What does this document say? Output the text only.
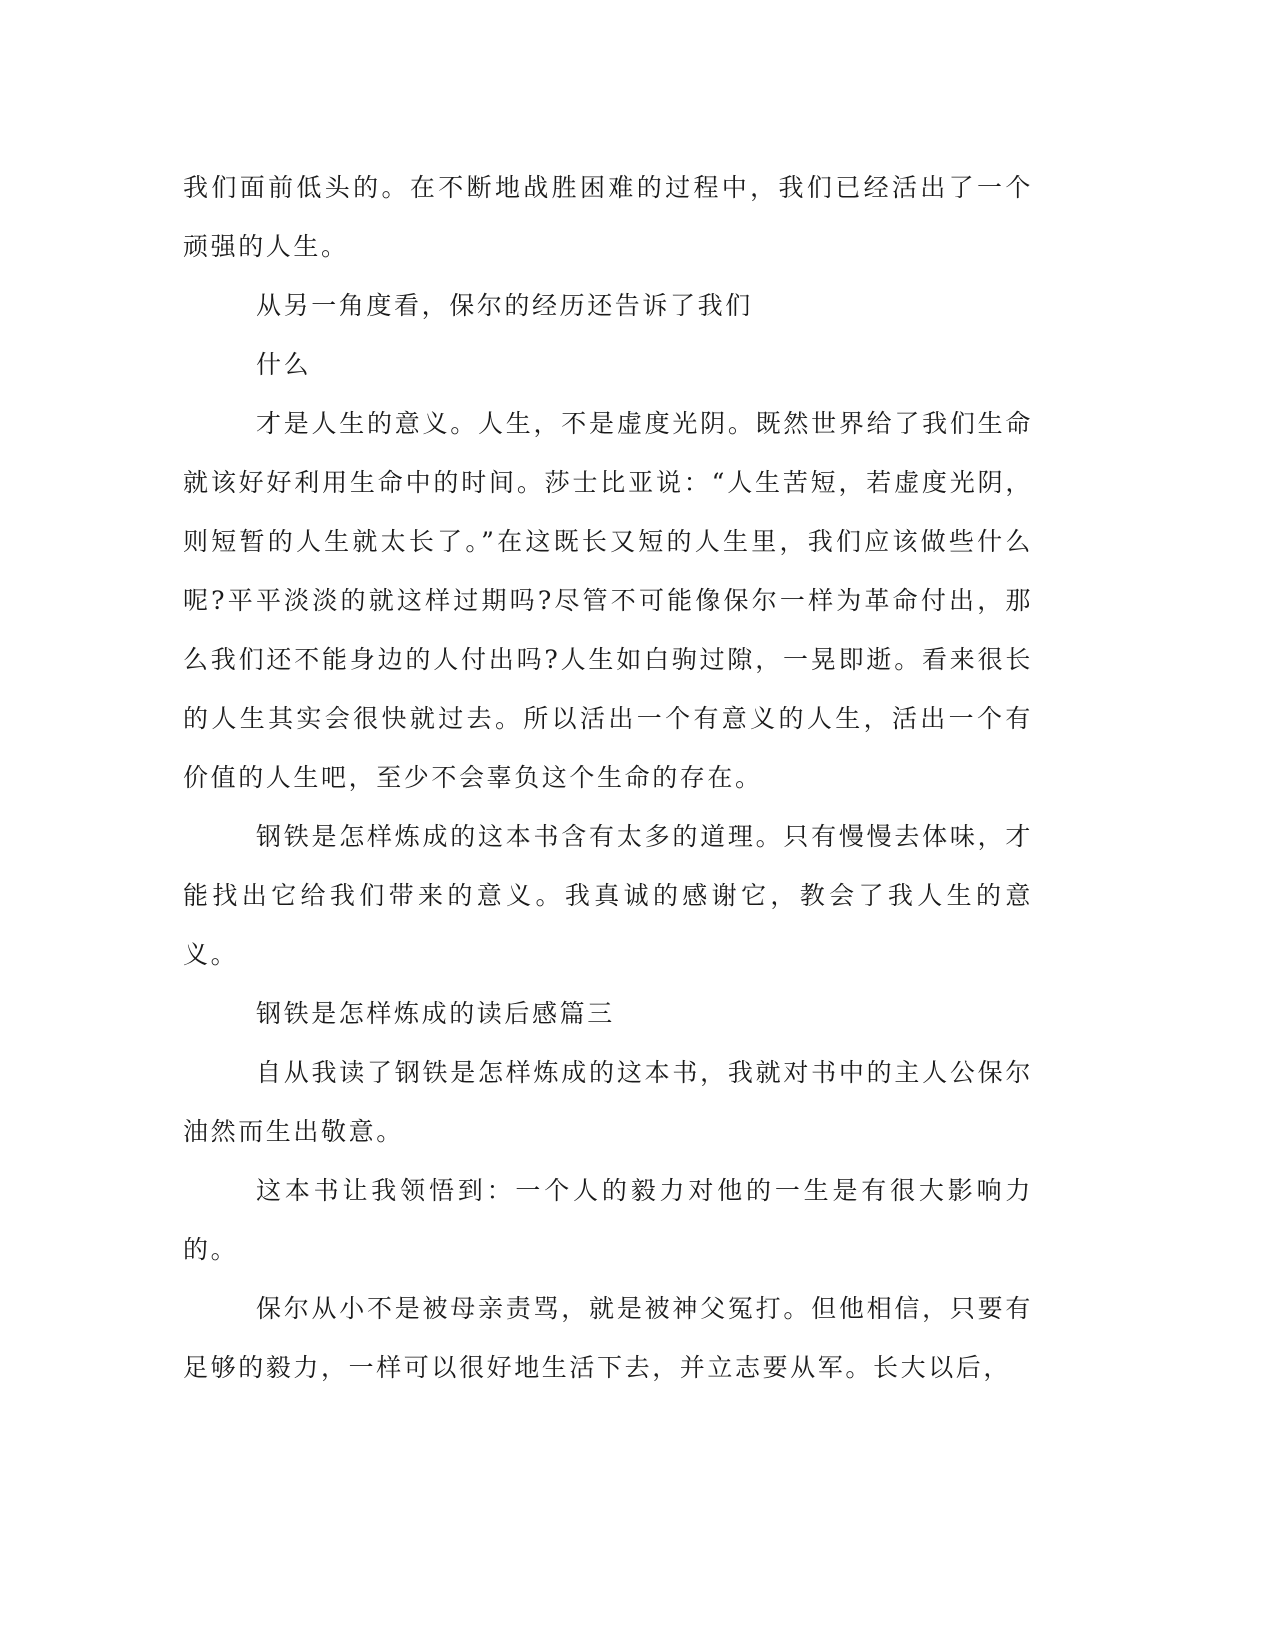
我们面前低头的。在不断地战胜困难的过程中，我们已经活出了一个顽强的人生。

从另一角度看，保尔的经历还告诉了我们

什么

才是人生的意义。人生，不是虚度光阴。既然世界给了我们生命就该好好利用生命中的时间。莎士比亚说：“人生苦短，若虚度光阴，则短暂的人生就太长了。”在这既长又短的人生里，我们应该做些什么呢?平平淡淡的就这样过期吗?尽管不可能像保尔一样为革命付出，那么我们还不能身边的人付出吗?人生如白驹过隙，一晃即逝。看来很长的人生其实会很快就过去。所以活出一个有意义的人生，活出一个有价值的人生吧，至少不会辜负这个生命的存在。

钢铁是怎样炼成的这本书含有太多的道理。只有慢慢去体味，才能找出它给我们带来的意义。我真诚的感谢它，教会了我人生的意义。

钢铁是怎样炼成的读后感篇三

自从我读了钢铁是怎样炼成的这本书，我就对书中的主人公保尔油然而生出敬意。

这本书让我领悟到：一个人的毅力对他的一生是有很大影响力的。

保尔从小不是被母亲责骂，就是被神父冤打。但他相信，只要有足够的毅力，一样可以很好地生活下去，并立志要从军。长大以后，
